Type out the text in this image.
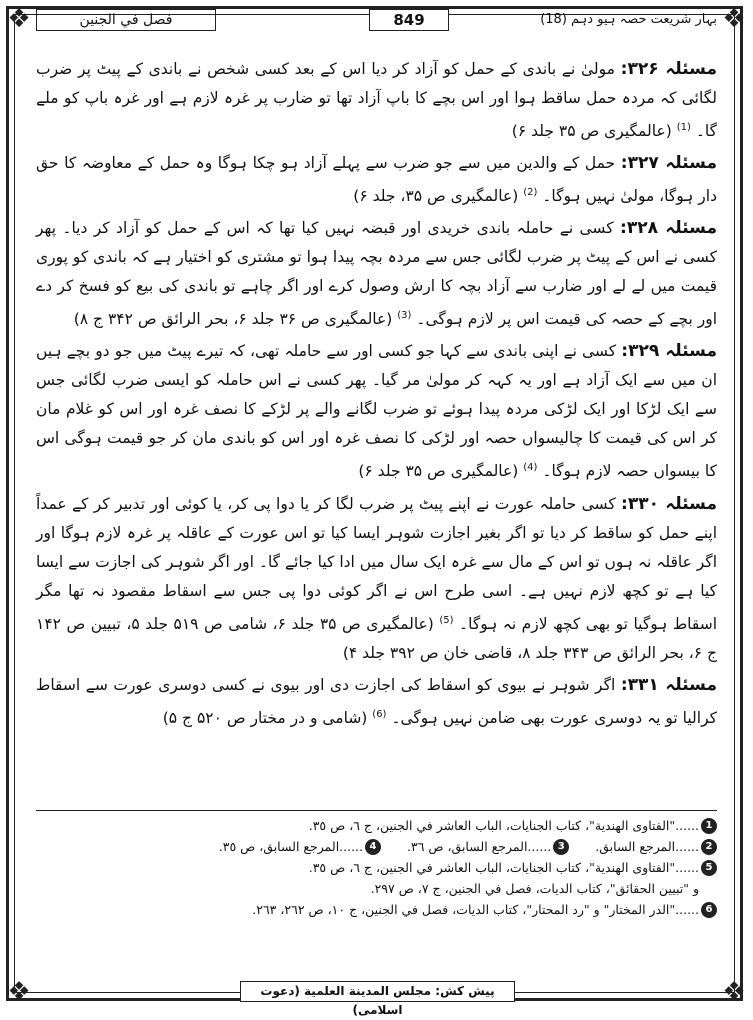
❖	❖
❖	❖
بہار شریعت حصہ ہیو دہم (18)
849
فصل في الجنين

مسئلہ ۳۲۶: مولیٰ نے باندی کے حمل کو آزاد کر دیا اس کے بعد کسی شخص نے باندی کے پیٹ پر ضرب لگائی کہ مردہ حمل ساقط ہوا اور اس بچے کا باپ آزاد تھا تو ضارب پر غرہ لازم ہے اور غرہ باپ کو ملے گا۔ $^{(1)}$ (عالمگیری ص ۳۵ جلد ۶)

مسئلہ ۳۲۷: حمل کے والدین میں سے جو ضرب سے پہلے آزاد ہو چکا ہوگا وہ حمل کے معاوضہ کا حق دار ہوگا، مولیٰ نہیں ہوگا۔ $^{(2)}$ (عالمگیری ص ۳۵، جلد ۶)

مسئلہ ۳۲۸: کسی نے حاملہ باندی خریدی اور قبضہ نہیں کیا تھا کہ اس کے حمل کو آزاد کر دیا۔ پھر کسی نے اس کے پیٹ پر ضرب لگائی جس سے مردہ بچہ پیدا ہوا تو مشتری کو اختیار ہے کہ باندی کو پوری قیمت میں لے لے اور ضارب سے آزاد بچہ کا ارش وصول کرے اور اگر چاہے تو باندی کی بیع کو فسخ کر دے اور بچے کے حصہ کی قیمت اس پر لازم ہوگی۔ $^{(3)}$ (عالمگیری ص ۳۶ جلد ۶، بحر الرائق ص ۳۴۲ ج ۸)

مسئلہ ۳۲۹: کسی نے اپنی باندی سے کہا جو کسی اور سے حاملہ تھی، کہ تیرے پیٹ میں جو دو بچے ہیں ان میں سے ایک آزاد ہے اور یہ کہہ کر مولیٰ مر گیا۔ پھر کسی نے اس حاملہ کو ایسی ضرب لگائی جس سے ایک لڑکا اور ایک لڑکی مردہ پیدا ہوئے تو ضرب لگانے والے پر لڑکے کا نصف غرہ اور اس کو غلام مان کر اس کی قیمت کا چالیسواں حصہ اور لڑکی کا نصف غرہ اور اس کو باندی مان کر جو قیمت ہوگی اس کا بیسواں حصہ لازم ہوگا۔ $^{(4)}$ (عالمگیری ص ۳۵ جلد ۶)

مسئلہ ۳۳۰: کسی حاملہ عورت نے اپنے پیٹ پر ضرب لگا کر یا دوا پی کر، یا کوئی اور تدبیر کر کے عمداً اپنے حمل کو ساقط کر دیا تو اگر بغیر اجازت شوہر ایسا کیا تو اس عورت کے عاقلہ پر غرہ لازم ہوگا اور اگر عاقلہ نہ ہوں تو اس کے مال سے غرہ ایک سال میں ادا کیا جائے گا۔ اور اگر شوہر کی اجازت سے ایسا کیا ہے تو کچھ لازم نہیں ہے۔ اسی طرح اس نے اگر کوئی دوا پی جس سے اسقاط مقصود نہ تھا مگر اسقاط ہوگیا تو بھی کچھ لازم نہ ہوگا۔ $^{(5)}$ (عالمگیری ص ۳۵ جلد ۶، شامی ص ۵۱۹ جلد ۵، تبیین ص ۱۴۲ ج ۶، بحر الرائق ص ۳۴۳ جلد ۸، قاضی خان ص ۳۹۲ جلد ۴)

مسئلہ ۳۳۱: اگر شوہر نے بیوی کو اسقاط کی اجازت دی اور بیوی نے کسی دوسری عورت سے اسقاط کرالیا تو یہ دوسری عورت بھی ضامن نہیں ہوگی۔ $^{(6)}$ (شامی و در مختار ص ۵۲۰ ج ۵)

1
......"الفتاوى الهندية"، كتاب الجنايات، الباب العاشر في الجنين، ج ٦، ص ٣٥.
2
......المرجع السابق.
3
......المرجع السابق، ص ٣٦.
4
......المرجع السابق، ص ٣٥.
5
......"الفتاوى الهندية"، كتاب الجنايات، الباب العاشر في الجنين، ج ٦، ص ٣٥.
و "تبيين الحقائق"، كتاب الديات، فصل في الجنين، ج ٧، ص ٢٩٧.
6
......"الدر المختار" و "رد المحتار"، كتاب الديات، فصل في الجنين، ج ١٠، ص ٢٦٢، ٢٦٣.
پیش کش: مجلس المدينة العلمية (دعوت اسلامی)
